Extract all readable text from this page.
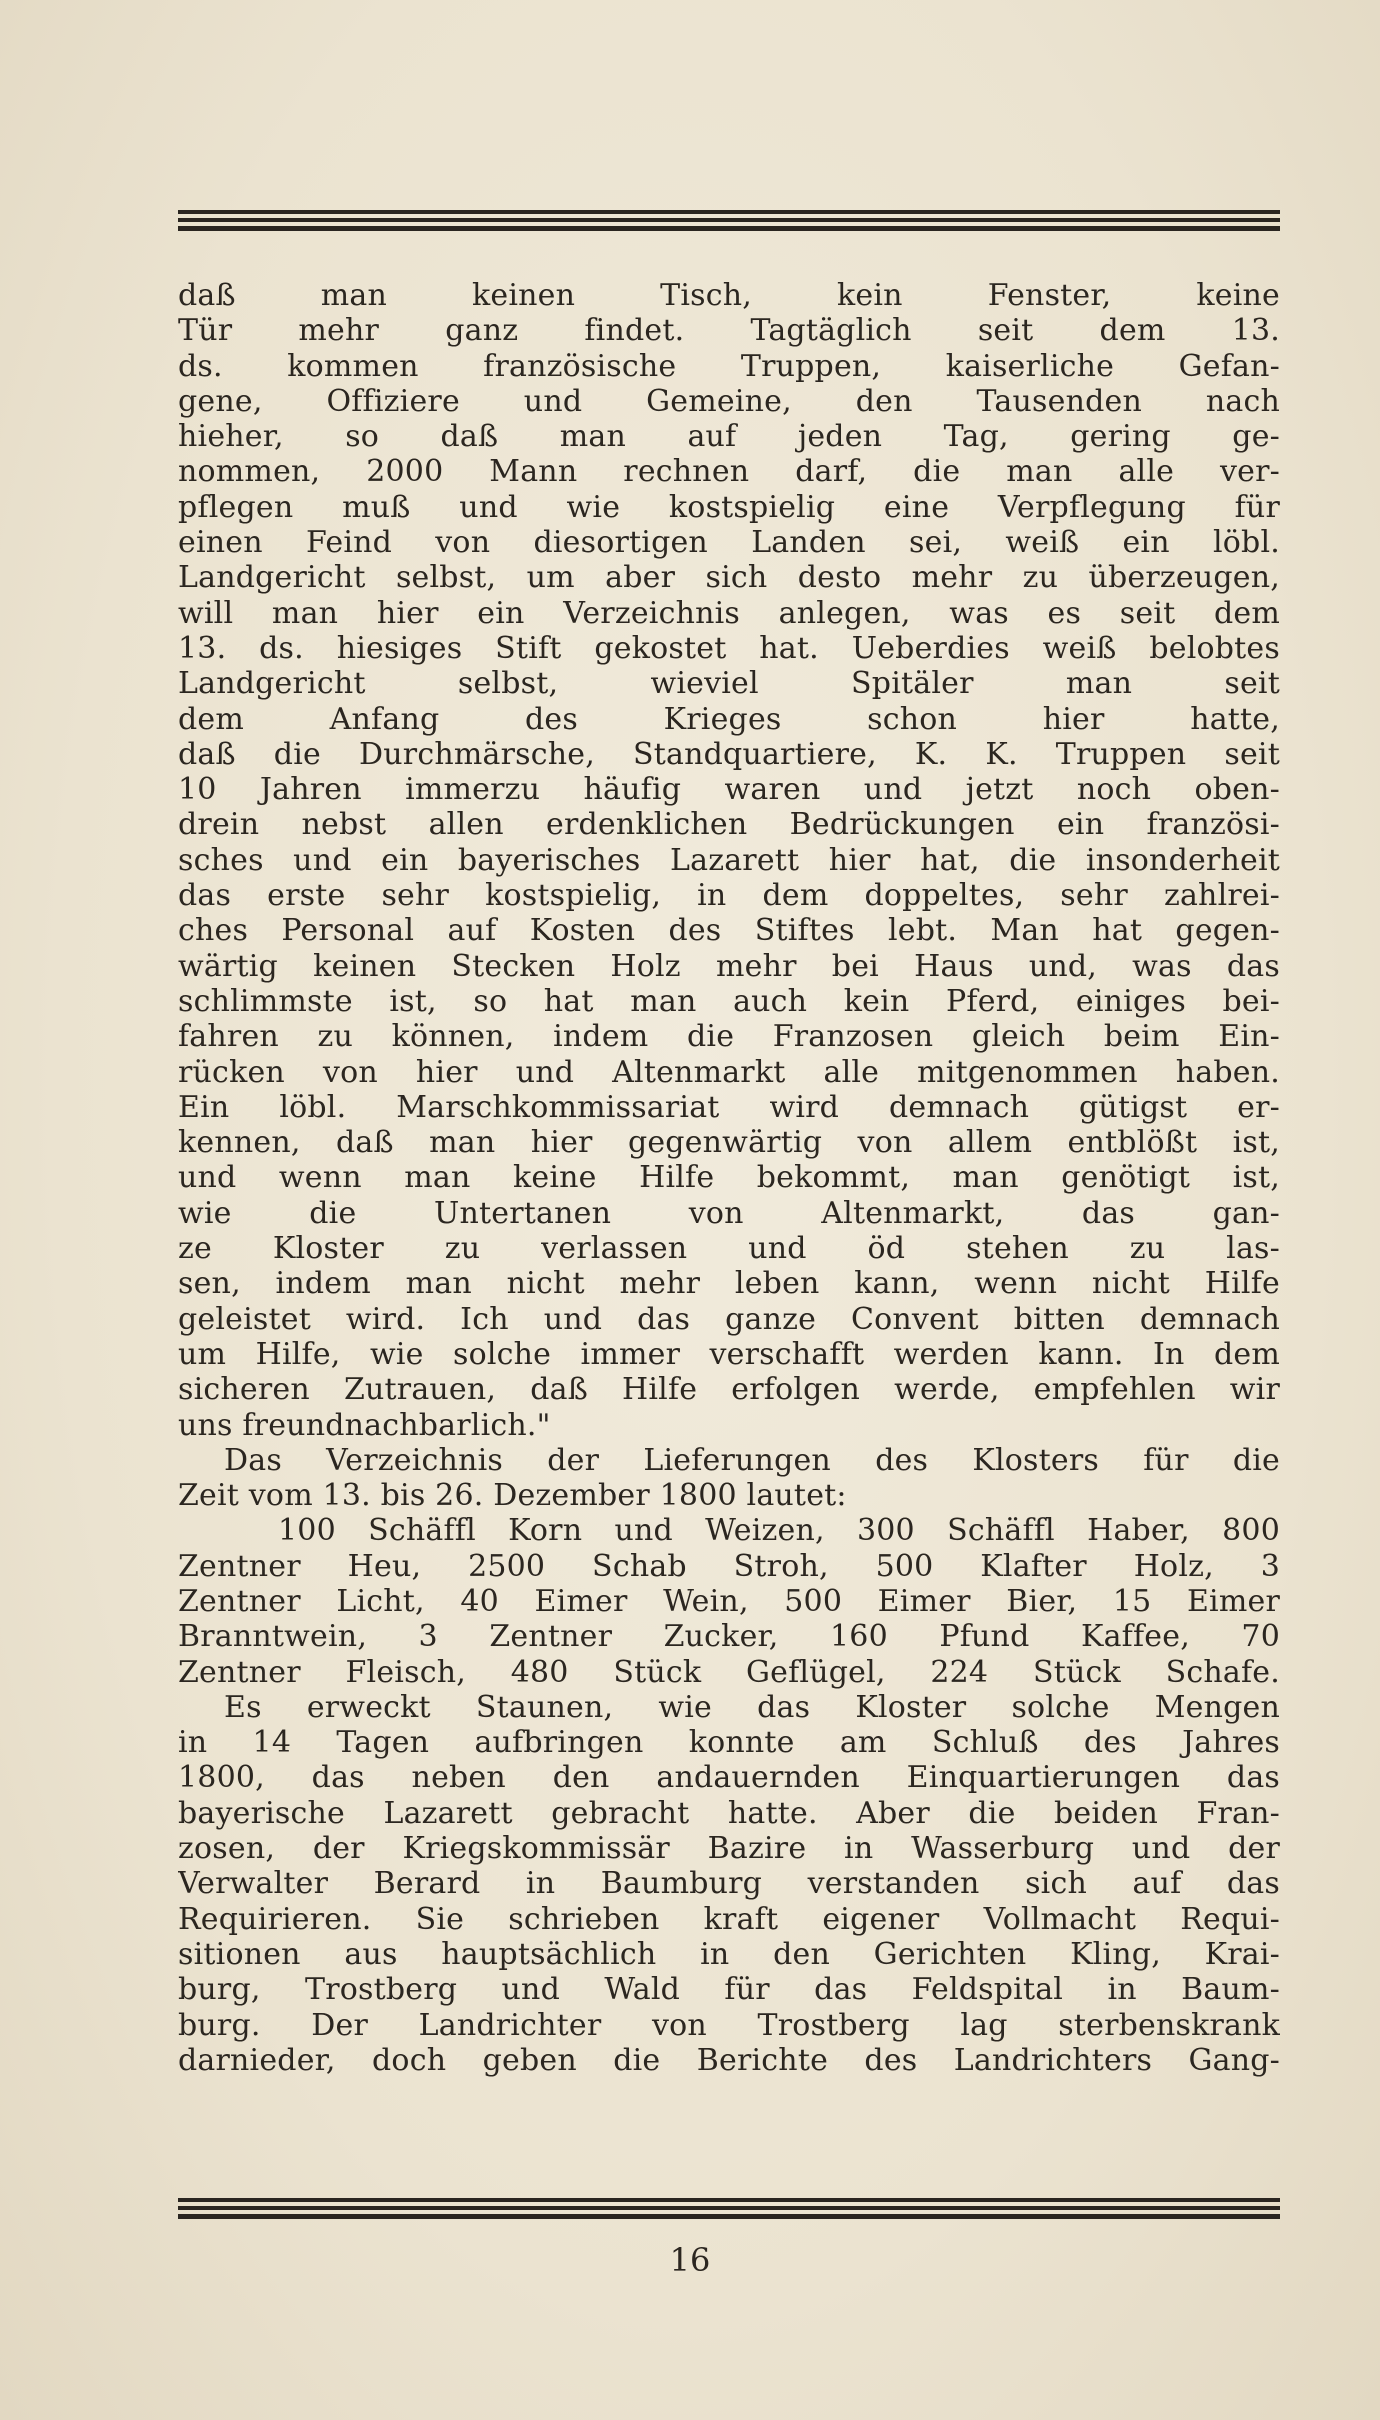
daß man keinen Tisch, kein Fenster, keine
Tür mehr ganz findet. Tagtäglich seit dem 13.
ds. kommen französische Truppen, kaiserliche Gefan-
gene, Offiziere und Gemeine, den Tausenden nach
hieher, so daß man auf jeden Tag, gering ge-
nommen, 2000 Mann rechnen darf, die man alle ver-
pflegen muß und wie kostspielig eine Verpflegung für
einen Feind von diesortigen Landen sei, weiß ein löbl.
Landgericht selbst, um aber sich desto mehr zu überzeugen,
will man hier ein Verzeichnis anlegen, was es seit dem
13. ds. hiesiges Stift gekostet hat. Ueberdies weiß belobtes
Landgericht selbst, wieviel Spitäler man seit
dem Anfang des Krieges schon hier hatte,
daß die Durchmärsche, Standquartiere, K. K. Truppen seit
10 Jahren immerzu häufig waren und jetzt noch oben-
drein nebst allen erdenklichen Bedrückungen ein französi-
sches und ein bayerisches Lazarett hier hat, die insonderheit
das erste sehr kostspielig, in dem doppeltes, sehr zahlrei-
ches Personal auf Kosten des Stiftes lebt. Man hat gegen-
wärtig keinen Stecken Holz mehr bei Haus und, was das
schlimmste ist, so hat man auch kein Pferd, einiges bei-
fahren zu können, indem die Franzosen gleich beim Ein-
rücken von hier und Altenmarkt alle mitgenommen haben.
Ein löbl. Marschkommissariat wird demnach gütigst er-
kennen, daß man hier gegenwärtig von allem entblößt ist,
und wenn man keine Hilfe bekommt, man genötigt ist,
wie die Untertanen von Altenmarkt, das gan-
ze Kloster zu verlassen und öd stehen zu las-
sen, indem man nicht mehr leben kann, wenn nicht Hilfe
geleistet wird. Ich und das ganze Convent bitten demnach
um Hilfe, wie solche immer verschafft werden kann. In dem
sicheren Zutrauen, daß Hilfe erfolgen werde, empfehlen wir
uns freundnachbarlich."
Das Verzeichnis der Lieferungen des Klosters für die
Zeit vom 13. bis 26. Dezember 1800 lautet:
100 Schäffl Korn und Weizen, 300 Schäffl Haber, 800
Zentner Heu, 2500 Schab Stroh, 500 Klafter Holz, 3
Zentner Licht, 40 Eimer Wein, 500 Eimer Bier, 15 Eimer
Branntwein, 3 Zentner Zucker, 160 Pfund Kaffee, 70
Zentner Fleisch, 480 Stück Geflügel, 224 Stück Schafe.
Es erweckt Staunen, wie das Kloster solche Mengen
in 14 Tagen aufbringen konnte am Schluß des Jahres
1800, das neben den andauernden Einquartierungen das
bayerische Lazarett gebracht hatte. Aber die beiden Fran-
zosen, der Kriegskommissär Bazire in Wasserburg und der
Verwalter Berard in Baumburg verstanden sich auf das
Requirieren. Sie schrieben kraft eigener Vollmacht Requi-
sitionen aus hauptsächlich in den Gerichten Kling, Krai-
burg, Trostberg und Wald für das Feldspital in Baum-
burg. Der Landrichter von Trostberg lag sterbenskrank
darnieder, doch geben die Berichte des Landrichters Gang-
16
